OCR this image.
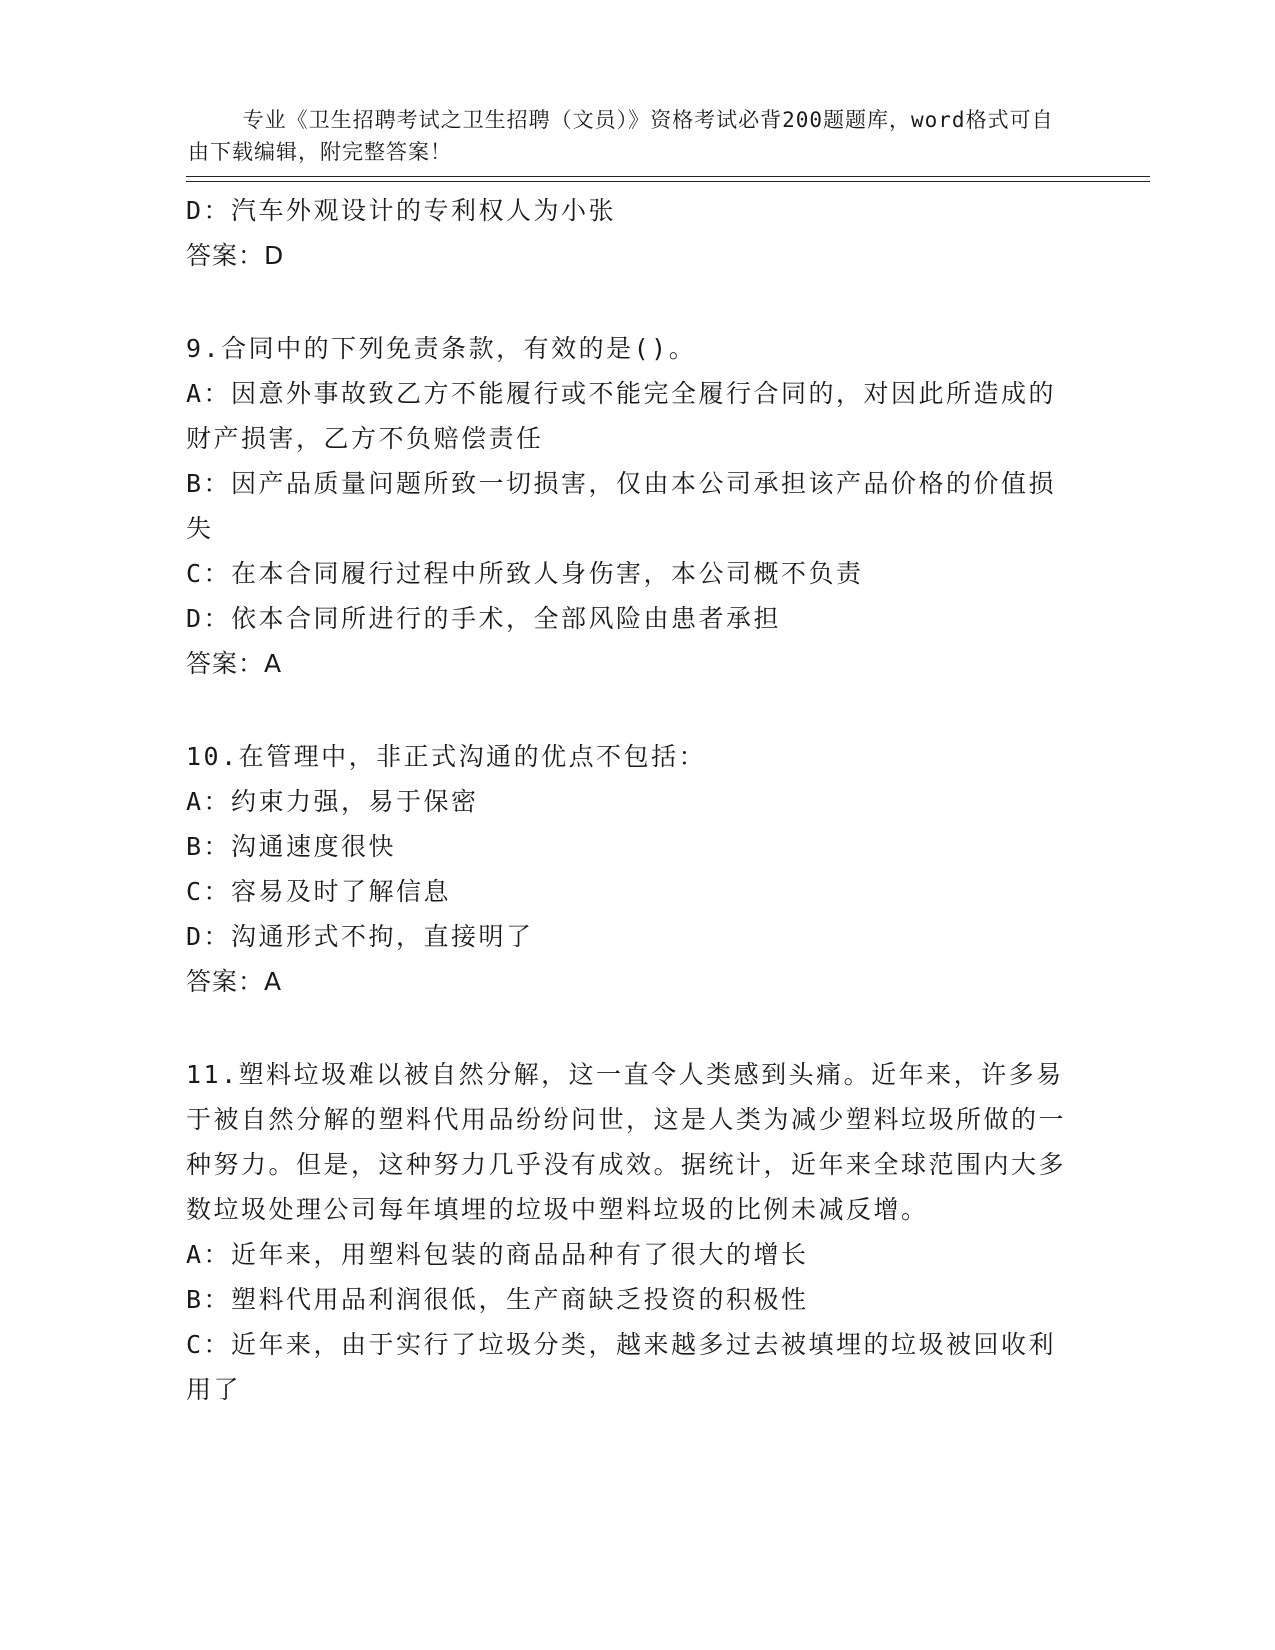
专业《卫生招聘考试之卫生招聘（文员）》资格考试必背200题题库，word格式可自由下载编辑，附完整答案！

D：汽车外观设计的专利权人为小张

答案：D

9.合同中的下列免责条款，有效的是()。

A：因意外事故致乙方不能履行或不能完全履行合同的，对因此所造成的财产损害，乙方不负赔偿责任

B：因产品质量问题所致一切损害，仅由本公司承担该产品价格的价值损失

C：在本合同履行过程中所致人身伤害，本公司概不负责

D：依本合同所进行的手术，全部风险由患者承担

答案：A

10.在管理中，非正式沟通的优点不包括：

A：约束力强，易于保密

B：沟通速度很快

C：容易及时了解信息

D：沟通形式不拘，直接明了

答案：A

11.塑料垃圾难以被自然分解，这一直令人类感到头痛。近年来，许多易于被自然分解的塑料代用品纷纷问世，这是人类为减少塑料垃圾所做的一种努力。但是，这种努力几乎没有成效。据统计，近年来全球范围内大多数垃圾处理公司每年填埋的垃圾中塑料垃圾的比例未减反增。

A：近年来，用塑料包装的商品品种有了很大的增长

B：塑料代用品利润很低，生产商缺乏投资的积极性

C：近年来，由于实行了垃圾分类，越来越多过去被填埋的垃圾被回收利用了
